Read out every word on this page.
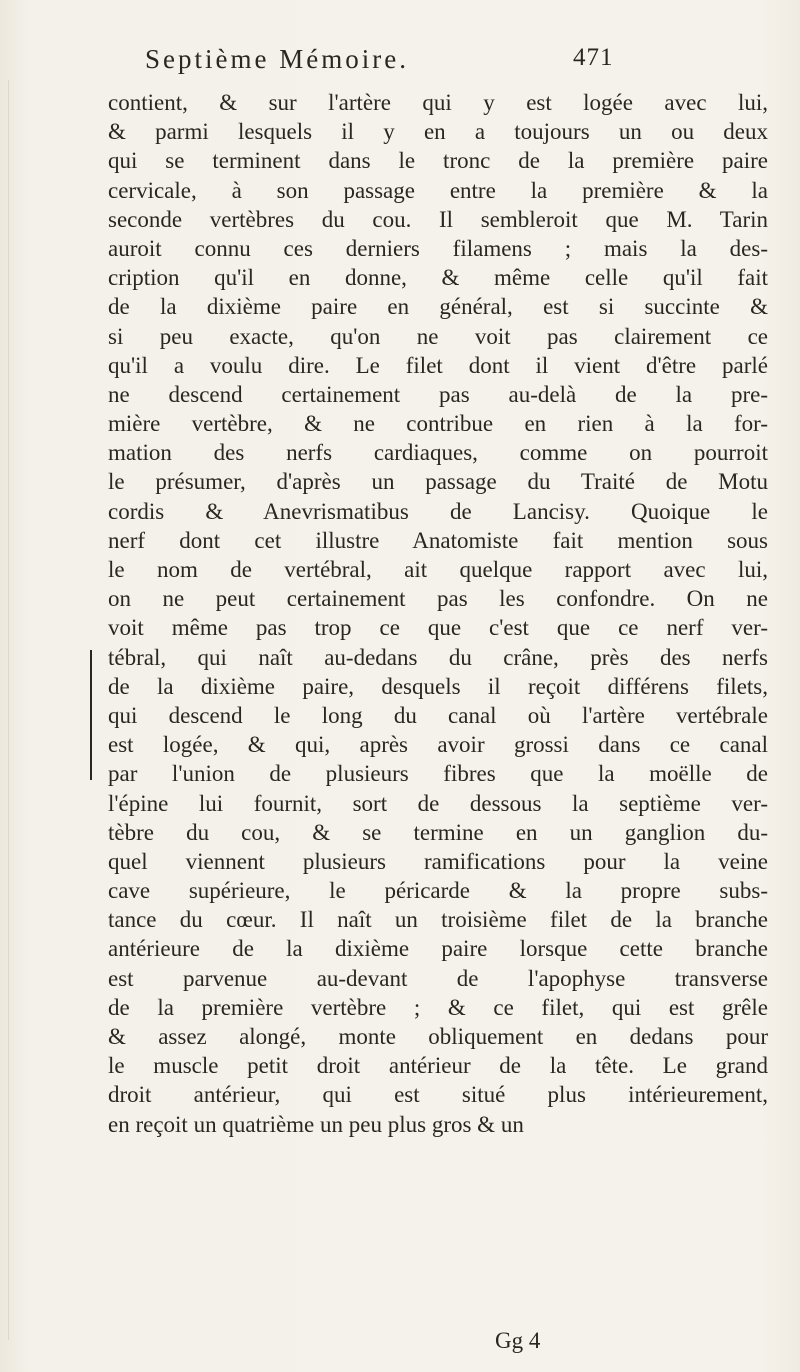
Septième Mémoire.	471
contient, & sur l'artère qui y est logée avec lui,
& parmi lesquels il y en a toujours un ou deux
qui se terminent dans le tronc de la première paire
cervicale, à son passage entre la première & la
seconde vertèbres du cou. Il sembleroit que M. Tarin
auroit connu ces derniers filamens ; mais la des-
cription qu'il en donne, & même celle qu'il fait
de la dixième paire en général, est si succinte &
si peu exacte, qu'on ne voit pas clairement ce
qu'il a voulu dire. Le filet dont il vient d'être parlé
ne descend certainement pas au-delà de la pre-
mière vertèbre, & ne contribue en rien à la for-
mation des nerfs cardiaques, comme on pourroit
le présumer, d'après un passage du Traité de Motu
cordis & Anevrismatibus de Lancisy. Quoique le
nerf dont cet illustre Anatomiste fait mention sous
le nom de vertébral, ait quelque rapport avec lui,
on ne peut certainement pas les confondre. On ne
voit même pas trop ce que c'est que ce nerf ver-
tébral, qui naît au-dedans du crâne, près des nerfs
de la dixième paire, desquels il reçoit différens filets,
qui descend le long du canal où l'artère vertébrale
est logée, & qui, après avoir grossi dans ce canal
par l'union de plusieurs fibres que la moëlle de
l'épine lui fournit, sort de dessous la septième ver-
tèbre du cou, & se termine en un ganglion du-
quel viennent plusieurs ramifications pour la veine
cave supérieure, le péricarde & la propre subs-
tance du cœur. Il naît un troisième filet de la branche
antérieure de la dixième paire lorsque cette branche
est parvenue au-devant de l'apophyse transverse
de la première vertèbre ; & ce filet, qui est grêle
& assez alongé, monte obliquement en dedans pour
le muscle petit droit antérieur de la tête. Le grand
droit antérieur, qui est situé plus intérieurement,
en reçoit un quatrième un peu plus gros & un
Gg 4
